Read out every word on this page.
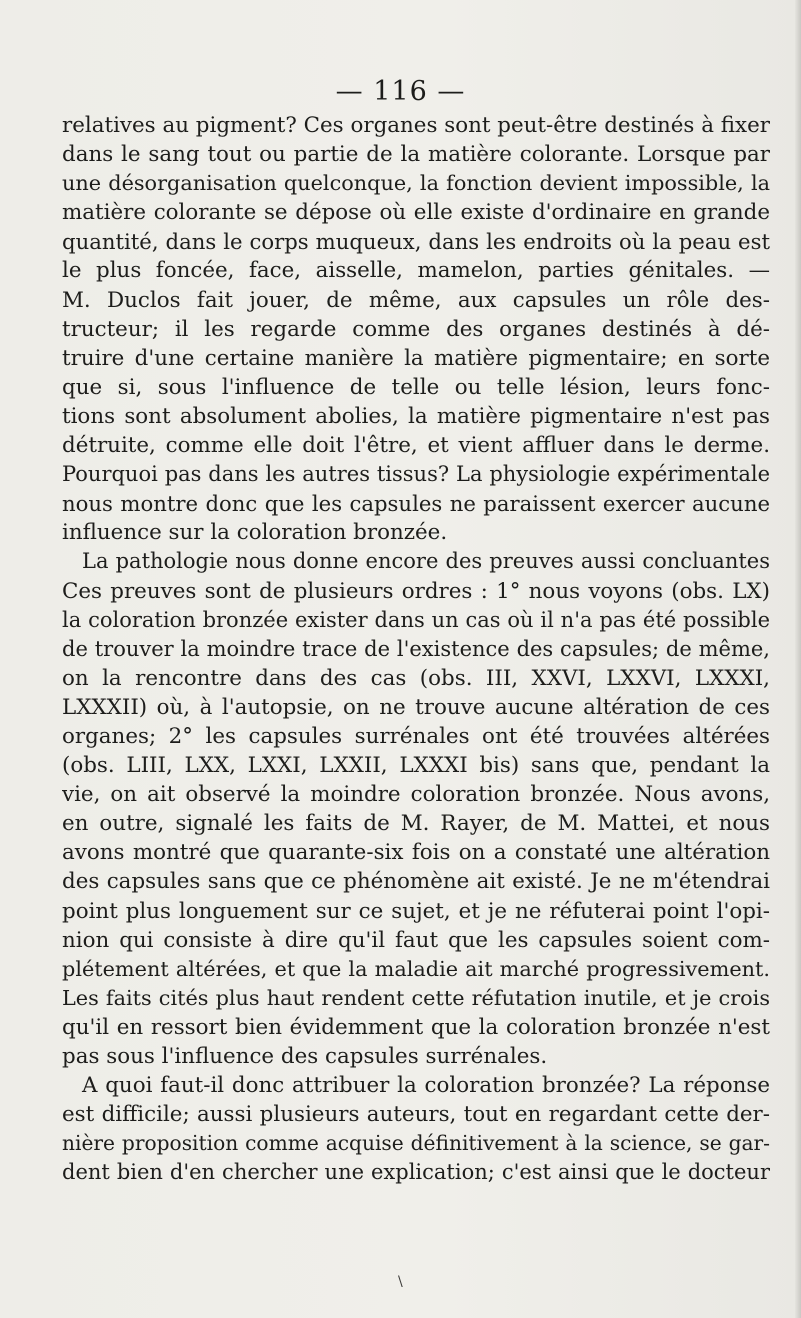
— 116 —
relatives au pigment? Ces organes sont peut-être destinés à fixer
dans le sang tout ou partie de la matière colorante. Lorsque par
une désorganisation quelconque, la fonction devient impossible, la
matière colorante se dépose où elle existe d'ordinaire en grande
quantité, dans le corps muqueux, dans les endroits où la peau est
le plus foncée, face, aisselle, mamelon, parties génitales. —
M. Duclos fait jouer, de même, aux capsules un rôle des-
tructeur; il les regarde comme des organes destinés à dé-
truire d'une certaine manière la matière pigmentaire; en sorte
que si, sous l'influence de telle ou telle lésion, leurs fonc-
tions sont absolument abolies, la matière pigmentaire n'est pas
détruite, comme elle doit l'être, et vient affluer dans le derme.
Pourquoi pas dans les autres tissus? La physiologie expérimentale
nous montre donc que les capsules ne paraissent exercer aucune
influence sur la coloration bronzée.
La pathologie nous donne encore des preuves aussi concluantes
Ces preuves sont de plusieurs ordres : 1° nous voyons (obs. LX)
la coloration bronzée exister dans un cas où il n'a pas été possible
de trouver la moindre trace de l'existence des capsules; de même,
on la rencontre dans des cas (obs. III, XXVI, LXXVI, LXXXI,
LXXXII) où, à l'autopsie, on ne trouve aucune altération de ces
organes; 2° les capsules surrénales ont été trouvées altérées
(obs. LIII, LXX, LXXI, LXXII, LXXXI bis) sans que, pendant la
vie, on ait observé la moindre coloration bronzée. Nous avons,
en outre, signalé les faits de M. Rayer, de M. Mattei, et nous
avons montré que quarante-six fois on a constaté une altération
des capsules sans que ce phénomène ait existé. Je ne m'étendrai
point plus longuement sur ce sujet, et je ne réfuterai point l'opi-
nion qui consiste à dire qu'il faut que les capsules soient com-
plétement altérées, et que la maladie ait marché progressivement.
Les faits cités plus haut rendent cette réfutation inutile, et je crois
qu'il en ressort bien évidemment que la coloration bronzée n'est
pas sous l'influence des capsules surrénales.
A quoi faut-il donc attribuer la coloration bronzée? La réponse
est difficile; aussi plusieurs auteurs, tout en regardant cette der-
nière proposition comme acquise définitivement à la science, se gar-
dent bien d'en chercher une explication; c'est ainsi que le docteur
\
